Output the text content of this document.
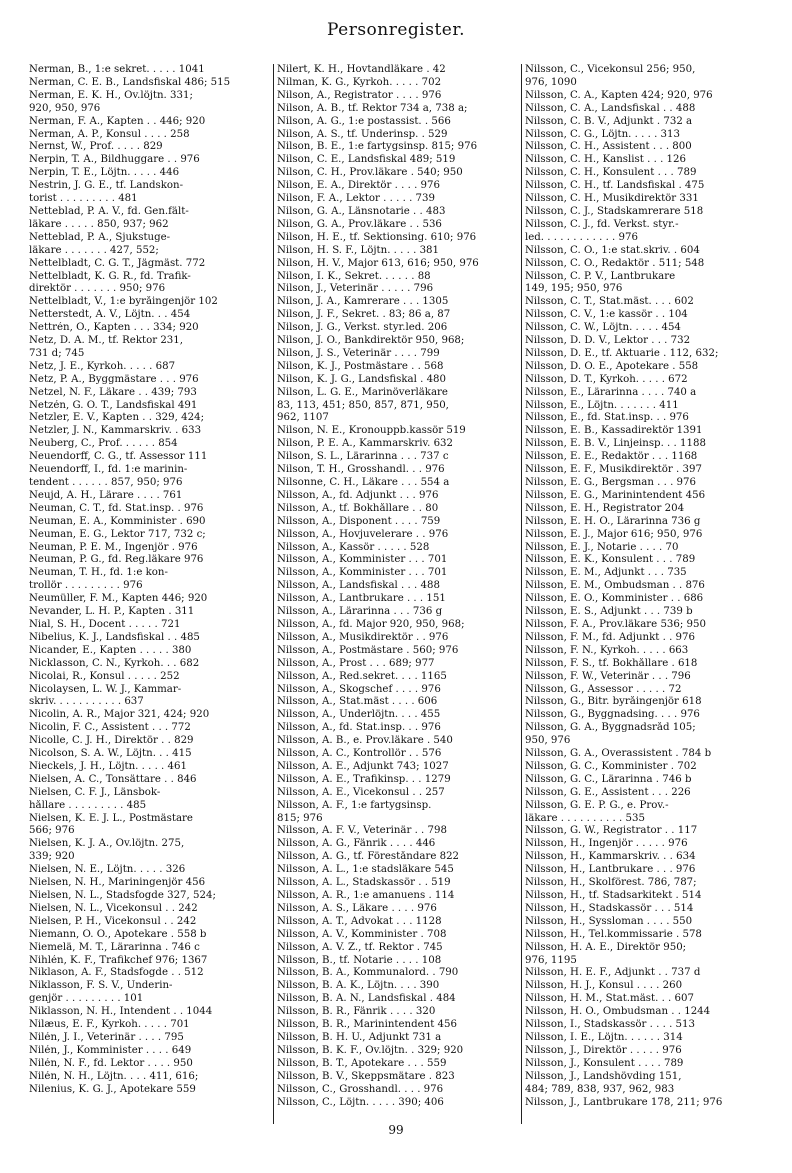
Personregister.
Nerman, B., 1:e sekret. . . . . 1041
Nerman, C. E. B., Landsfiskal 486; 515
Nerman, E. K. H., Öv.löjtn. 331;
920, 950, 976
Nerman, F. A., Kapten . . 446; 920
Nerman, A. P., Konsul . . . . 258
Nernst, W., Prof. . . . . 829
Nerpin, T. A., Bildhuggare . . 976
Nerpin, T. E., Löjtn. . . . . 446
Nestrin, J. G. E., tf. Landskon-
torist . . . . . . . . . 481
Netteblad, P. A. V., fd. Gen.fält-
läkare . . . . . 850, 937; 962
Netteblad, P. A., Sjukstuge-
läkare . . . . . . . 427, 552;
Nettelbladt, C. G. T., Jägmäst. 772
Nettelbladt, K. G. R., fd. Trafik-
direktör . . . . . . . 950; 976
Nettelbladt, V., 1:e byråingenjör 102
Netterstedt, A. V., Löjtn. . . 454
Nettrén, O., Kapten . . . 334; 920
Netz, D. A. M., tf. Rektor 231,
731 d; 745
Netz, J. E., Kyrkoh. . . . . 687
Netz, P. A., Byggmästare . . . 976
Netzel, N. F., Läkare . . 439; 793
Netzén, G. O. T., Landsfiskal 491
Netzler, E. V., Kapten . . 329, 424;
Netzler, J. N., Kammarskriv. . 633
Neuberg, C., Prof. . . . . . 854
Neuendorff, C. G., tf. Assessor 111
Neuendorff, I., fd. 1:e marinin-
tendent . . . . . . 857, 950; 976
Neujd, A. H., Lärare . . . . 761
Neuman, C. T., fd. Stat.insp. . 976
Neuman, E. A., Komminister . 690
Neuman, E. G., Lektor 717, 732 c;
Neuman, P. E. M., Ingenjör . 976
Neuman, P. G., fd. Reg.läkare 976
Neuman, T. H., fd. 1:e kon-
trollör . . . . . . . . . 976
Neumüller, F. M., Kapten 446; 920
Nevander, L. H. P., Kapten . 311
Nial, S. H., Docent . . . . . 721
Nibelius, K. J., Landsfiskal . . 485
Nicander, E., Kapten . . . . . 380
Nicklasson, C. N., Kyrkoh. . . 682
Nicolai, R., Konsul . . . . . 252
Nicolaysen, L. W. J., Kammar-
skriv. . . . . . . . . . . 637
Nicolin, A. R., Major 321, 424; 920
Nicolin, F. C., Assistent . . . 772
Nicolle, C. J. H., Direktör . . 829
Nicolson, S. A. W., Löjtn. . . 415
Nieckels, J. H., Löjtn. . . . . 461
Nielsen, A. C., Tonsättare . . 846
Nielsen, C. F. J., Länsbok-
hållare . . . . . . . . . 485
Nielsen, K. E. J. L., Postmästare
566; 976
Nielsen, K. J. A., Öv.löjtn. 275,
339; 920
Nielsen, N. E., Löjtn. . . . . 326
Nielsen, N. H., Mariningenjör 456
Nielsen, N. L., Stadsfogde 327, 524;
Nielsen, N. L., Vicekonsul . . 242
Nielsen, P. H., Vicekonsul . . 242
Niemann, O. O., Apotekare . 558 b
Niemelä, M. T., Lärarinna . 746 c
Nihlén, K. F., Trafikchef 976; 1367
Niklason, A. F., Stadsfogde . . 512
Niklasson, F. S. V., Underin-
genjör . . . . . . . . . 101
Niklasson, N. H., Intendent . . 1044
Nilæus, E. F., Kyrkoh. . . . . 701
Nilén, J. I., Veterinär . . . . 795
Nilén, J., Komminister . . . . 649
Nilén, N. F., fd. Lektor . . . . 950
Nilén, N. H., Löjtn. . . . 411, 616;
Nilenius, K. G. J., Apotekare 559
Nilert, K. H., Hovtandläkare . 42
Nilman, K. G., Kyrkoh. . . . . 702
Nilson, A., Registrator . . . . 976
Nilson, A. B., tf. Rektor 734 a, 738 a;
Nilson, A. G., 1:e postassist. . 566
Nilson, A. S., tf. Underinsp. . 529
Nilson, B. E., 1:e fartygsinsp. 815; 976
Nilson, C. E., Landsfiskal 489; 519
Nilson, C. H., Prov.läkare . 540; 950
Nilson, E. A., Direktör . . . . 976
Nilson, F. A., Lektor . . . . . 739
Nilson, G. A., Länsnotarie . . 483
Nilson, G. A., Prov.läkare . . 536
Nilson, H. E., tf. Sektionsing. 610; 976
Nilson, H. S. F., Löjtn. . . . . 381
Nilson, H. V., Major 613, 616; 950, 976
Nilson, I. K., Sekret. . . . . . 88
Nilson, J., Veterinär . . . . . 796
Nilson, J. A., Kamrerare . . . 1305
Nilson, J. F., Sekret. . 83; 86 a, 87
Nilson, J. G., Verkst. styr.led. 206
Nilson, J. O., Bankdirektör 950, 968;
Nilson, J. S., Veterinär . . . . 799
Nilson, K. J., Postmästare . . 568
Nilson, K. J. G., Landsfiskal . 480
Nilson, L. G. E., Marinöverläkare
83, 113, 451; 850, 857, 871, 950,
962, 1107
Nilson, N. E., Kronouppb.kassör 519
Nilson, P. E. A., Kammarskriv. 632
Nilson, S. L., Lärarinna . . . 737 c
Nilson, T. H., Grosshandl. . . 976
Nilsonne, C. H., Läkare . . . 554 a
Nilsson, A., fd. Adjunkt . . . 976
Nilsson, A., tf. Bokhållare . . 80
Nilsson, A., Disponent . . . . 759
Nilsson, A., Hovjuvelerare . . 976
Nilsson, A., Kassör . . . . . 528
Nilsson, A., Komminister . . . 701
Nilsson, A., Komminister . . . 701
Nilsson, A., Landsfiskal . . . 488
Nilsson, A., Lantbrukare . . . 151
Nilsson, A., Lärarinna . . . 736 g
Nilsson, A., fd. Major 920, 950, 968;
Nilsson, A., Musikdirektör . . 976
Nilsson, A., Postmästare . 560; 976
Nilsson, A., Prost . . . 689; 977
Nilsson, A., Red.sekret. . . . 1165
Nilsson, A., Skogschef . . . . 976
Nilsson, A., Stat.mäst . . . . 606
Nilsson, A., Underlöjtn. . . . 455
Nilsson, A., fd. Stat.insp. . . 976
Nilsson, A. B., e. Prov.läkare . 540
Nilsson, A. C., Kontrollör . . 576
Nilsson, A. E., Adjunkt 743; 1027
Nilsson, A. E., Trafikinsp. . . 1279
Nilsson, A. E., Vicekonsul . . 257
Nilsson, A. F., 1:e fartygsinsp.
815; 976
Nilsson, A. F. V., Veterinär . . 798
Nilsson, A. G., Fänrik . . . . 446
Nilsson, A. G., tf. Föreståndare 822
Nilsson, A. L., 1:e stadsläkare 545
Nilsson, A. L., Stadskassör . . 519
Nilsson, A. R., 1:e amanuens . 114
Nilsson, A. S., Läkare . . . . 976
Nilsson, A. T., Advokat . . . 1128
Nilsson, A. V., Komminister . 708
Nilsson, A. V. Z., tf. Rektor . 745
Nilsson, B., tf. Notarie . . . . 108
Nilsson, B. A., Kommunalord. . 790
Nilsson, B. A. K., Löjtn. . . . 390
Nilsson, B. A. N., Landsfiskal . 484
Nilsson, B. R., Fänrik . . . . 320
Nilsson, B. R., Marinintendent 456
Nilsson, B. H. U., Adjunkt 731 a
Nilsson, B. K. F., Öv.löjtn. . 329; 920
Nilsson, B. T., Apotekare . . . 559
Nilsson, B. V., Skeppsmätare . 823
Nilsson, C., Grosshandl. . . . 976
Nilsson, C., Löjtn. . . . . 390; 406
Nilsson, C., Vicekonsul 256; 950,
976, 1090
Nilsson, C. A., Kapten 424; 920, 976
Nilsson, C. A., Landsfiskal . . 488
Nilsson, C. B. V., Adjunkt . 732 a
Nilsson, C. G., Löjtn. . . . . 313
Nilsson, C. H., Assistent . . . 800
Nilsson, C. H., Kanslist . . . 126
Nilsson, C. H., Konsulent . . . 789
Nilsson, C. H., tf. Landsfiskal . 475
Nilsson, C. H., Musikdirektör 331
Nilsson, C. J., Stadskamrerare 518
Nilsson, C. J., fd. Verkst. styr.-
led. . . . . . . . . . . . 976
Nilsson, C. O., 1:e stat.skriv. . 604
Nilsson, C. O., Redaktör . 511; 548
Nilsson, C. P. V., Lantbrukare
149, 195; 950, 976
Nilsson, C. T., Stat.mäst. . . . 602
Nilsson, C. V., 1:e kassör . . 104
Nilsson, C. W., Löjtn. . . . . 454
Nilsson, D. D. V., Lektor . . . 732
Nilsson, D. E., tf. Aktuarie . 112, 632;
Nilsson, D. O. E., Apotekare . 558
Nilsson, D. T., Kyrkoh. . . . . 672
Nilsson, E., Lärarinna . . . . 740 a
Nilsson, E., Löjtn. . . . . . . 411
Nilsson, E., fd. Stat.insp. . . 976
Nilsson, E. B., Kassadirektör 1391
Nilsson, E. B. V., Linjeinsp. . . 1188
Nilsson, E. E., Redaktör . . . 1168
Nilsson, E. F., Musikdirektör . 397
Nilsson, E. G., Bergsman . . . 976
Nilsson, E. G., Marinintendent 456
Nilsson, E. H., Registrator 204
Nilsson, E. H. O., Lärarinna 736 g
Nilsson, E. J., Major 616; 950, 976
Nilsson, E. J., Notarie . . . . 70
Nilsson, E. K., Konsulent . . . 789
Nilsson, E. M., Adjunkt . . . 735
Nilsson, E. M., Ombudsman . . 876
Nilsson, E. O., Komminister . . 686
Nilsson, E. S., Adjunkt . . . 739 b
Nilsson, F. A., Prov.läkare 536; 950
Nilsson, F. M., fd. Adjunkt . . 976
Nilsson, F. N., Kyrkoh. . . . . 663
Nilsson, F. S., tf. Bokhållare . 618
Nilsson, F. W., Veterinär . . . 796
Nilsson, G., Assessor . . . . . 72
Nilsson, G., Bitr. byråingenjör 618
Nilsson, G., Byggnadsing. . . . 976
Nilsson, G. A., Byggnadsråd 105;
950, 976
Nilsson, G. A., Överassistent . 784 b
Nilsson, G. C., Komminister . 702
Nilsson, G. C., Lärarinna . 746 b
Nilsson, G. E., Assistent . . . 226
Nilsson, G. E. P. G., e. Prov.-
läkare . . . . . . . . . . 535
Nilsson, G. W., Registrator . . 117
Nilsson, H., Ingenjör . . . . . 976
Nilsson, H., Kammarskriv. . . 634
Nilsson, H., Lantbrukare . . . 976
Nilsson, H., Skolförest. 786, 787;
Nilsson, H., tf. Stadsarkitekt . 514
Nilsson, H., Stadskassör . . . 514
Nilsson, H., Syssloman . . . . 550
Nilsson, H., Tel.kommissarie . 578
Nilsson, H. A. E., Direktör 950;
976, 1195
Nilsson, H. E. F., Adjunkt . . 737 d
Nilsson, H. J., Konsul . . . . 260
Nilsson, H. M., Stat.mäst. . . 607
Nilsson, H. O., Ombudsman . . 1244
Nilsson, I., Stadskassör . . . . 513
Nilsson, I. E., Löjtn. . . . . . 314
Nilsson, J., Direktör . . . . . 976
Nilsson, J., Konsulent . . . . 789
Nilsson, J., Landshövding 151,
484; 789, 838, 937, 962, 983
Nilsson, J., Lantbrukare 178, 211; 976
99
